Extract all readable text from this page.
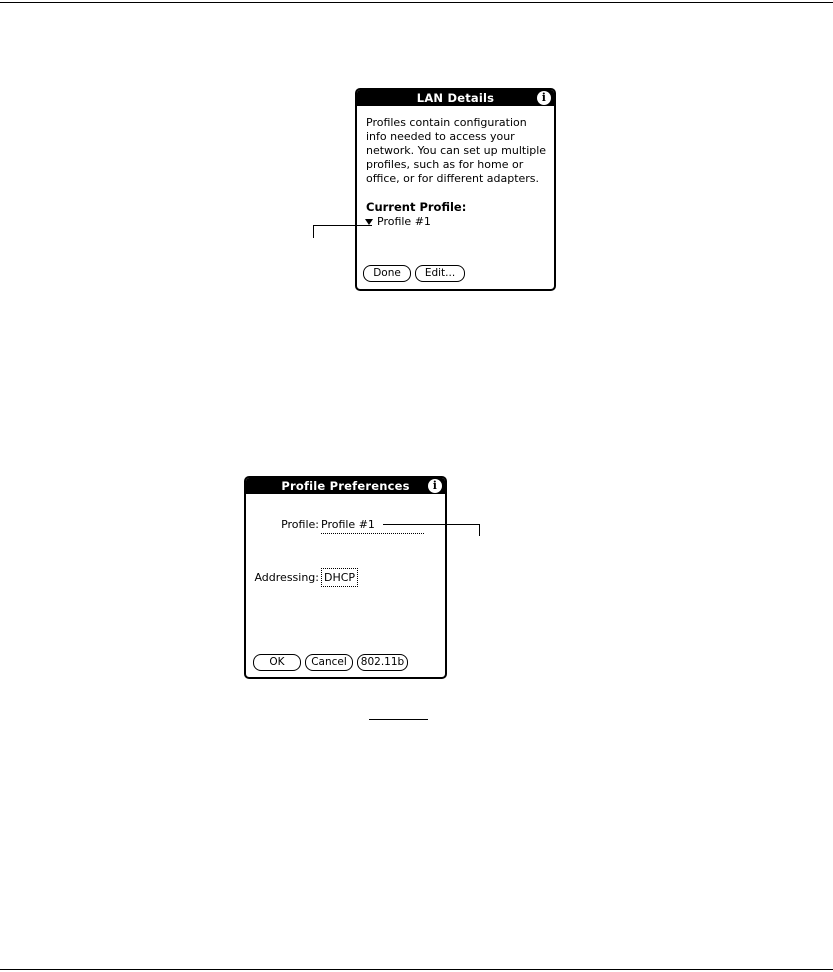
LAN Details	i
Profiles contain configuration
info needed to access your
network. You can set up multiple
profiles, such as for home or
office, or for different adapters.
Current Profile:
Profile #1
Done	Edit...
Profile Preferences	i
Profile: Profile #1
Addressing: DHCP
OK	Cancel	802.11b
